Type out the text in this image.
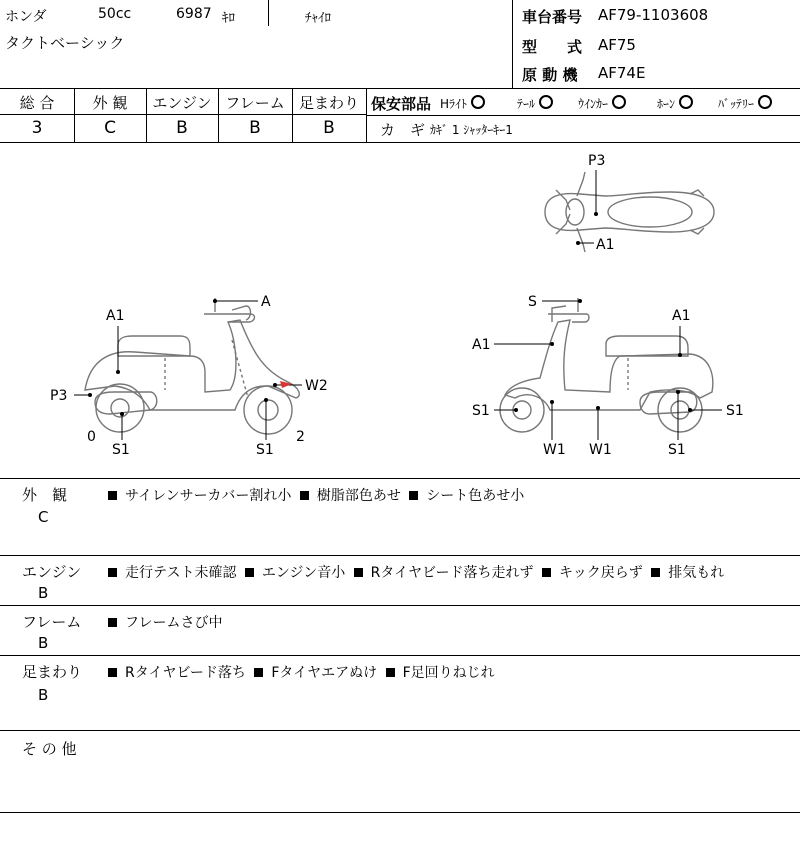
ホンダ	50cc	6987 ｷﾛ	ﾁｬｲﾛ
タクトベーシック
車台番号 AF79-1103608
型　　式 AF75
原 動 機 AF74E
総 合	外 観	エンジン フレーム 足まわり
3	C	B	B	B
保安部品 Hﾗｲﾄ	ﾃｰﾙ	ｳｲﾝｶｰ	ﾎｰﾝ	ﾊﾞｯﾃﾘｰ
カ　ギ ｶｷﾞ 1 ｼｬｯﾀｰｷｰ1
P3
A1
A1
A
P3
0
S1
W2
S1
2
S
A1
A1
S1	S1
W1 W1	S1
外　観
C
サイレンサーカバー割れ小 樹脂部色あせ シート色あせ小
エンジン
B
走行テスト未確認 エンジン音小 Rタイヤビード落ち走れず キック戻らず 排気もれ
フレーム
B
フレームさび中
足まわり
B
Rタイヤビード落ち Fタイヤエアぬけ F足回りねじれ
そ の 他
